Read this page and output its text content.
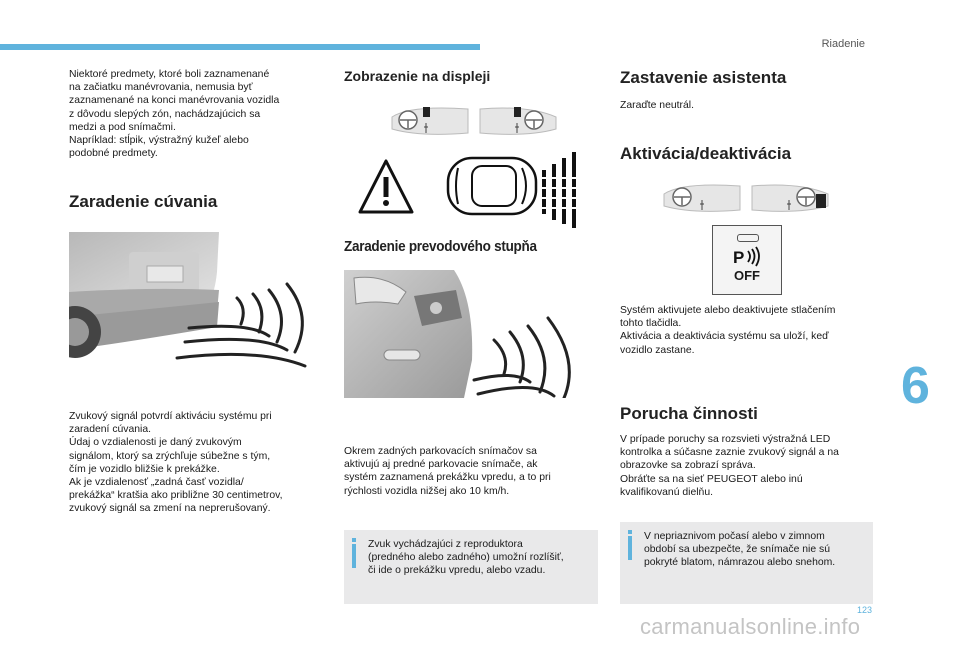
Riadenie

Niektoré predmety, ktoré boli zaznamenané
na začiatku manévrovania, nemusia byť
zaznamenané na konci manévrovania vozidla
z dôvodu slepých zón, nachádzajúcich sa
medzi a pod snímačmi.
Napríklad: stĺpik, výstražný kužeľ alebo
podobné predmety.

Zaradenie cúvania

Zvukový signál potvrdí aktiváciu systému pri
zaradení cúvania.
Údaj o vzdialenosti je daný zvukovým
signálom, ktorý sa zrýchľuje súbežne s tým,
čím je vozidlo bližšie k prekážke.
Ak je vzdialenosť „zadná časť vozidla/
prekážka“ kratšia ako približne 30 centimetrov,
zvukový signál sa zmení na neprerušovaný.

Zobrazenie na displeji
Zaradenie prevodového stupňa

Okrem zadných parkovacích snímačov sa
aktivujú aj predné parkovacie snímače, ak
systém zaznamená prekážku vpredu, a to pri
rýchlosti vozidla nižšej ako 10 km/h.

Zvuk vychádzajúci z reproduktora
(predného alebo zadného) umožní rozlíšiť,
či ide o prekážku vpredu, alebo vzadu.
Zastavenie asistenta

Zaraďte neutrál.

Aktivácia/deaktivácia
P
OFF

Systém aktivujete alebo deaktivujete stlačením
tohto tlačidla.
Aktivácia a deaktivácia systému sa uloží, keď
vozidlo zastane.

Porucha činnosti

V prípade poruchy sa rozsvieti výstražná LED
kontrolka a súčasne zaznie zvukový signál a na
obrazovke sa zobrazí správa.
Obráťte sa na sieť PEUGEOT alebo inú
kvalifikovanú dielňu.

V nepriaznivom počasí alebo v zimnom
období sa ubezpečte, že snímače nie sú
pokryté blatom, námrazou alebo snehom.
6
123
carmanualsonline.info
